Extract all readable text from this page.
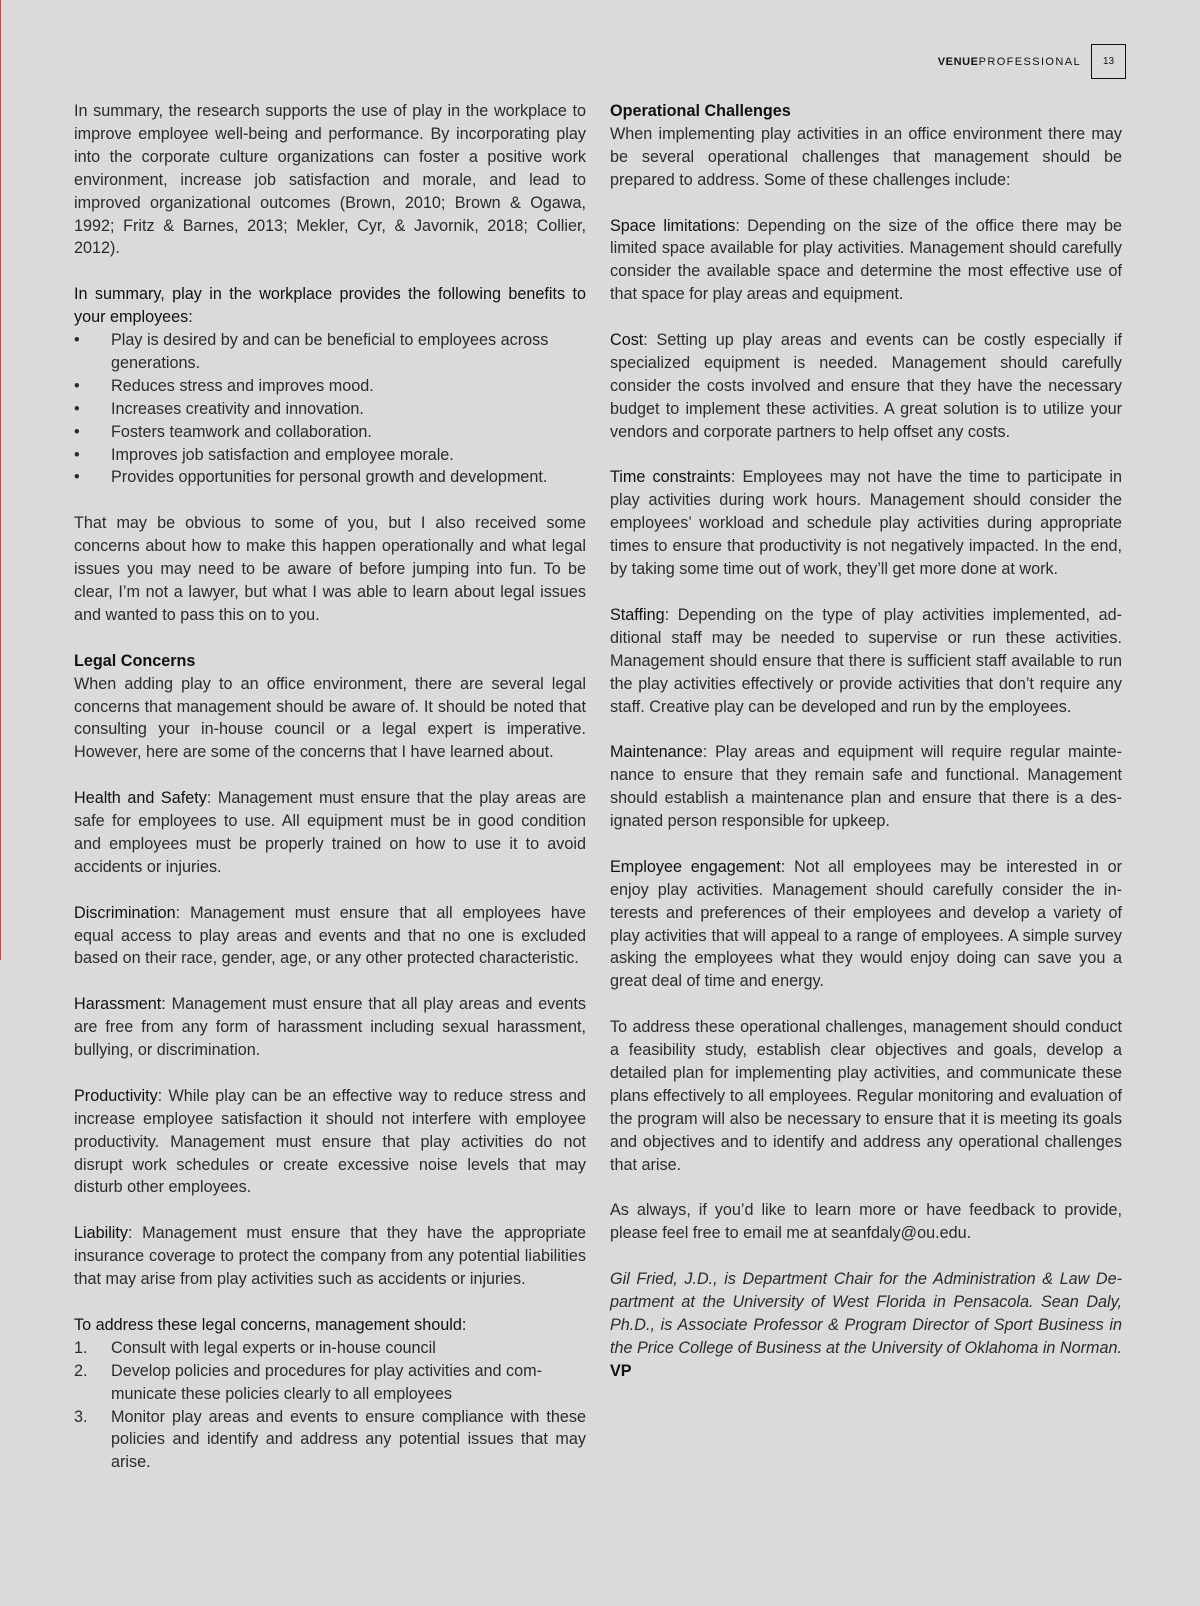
VENUEPROFESSIONAL	13

In summary, the research supports the use of play in the workplace to improve employee well-being and performance. By incorporating play into the corporate culture organizations can foster a positive work environment, increase job satisfaction and morale, and lead to improved organizational outcomes (Brown, 2010; Brown & Ogawa, 1992; Fritz & Barnes, 2013; Mekler, Cyr, & Javornik, 2018; Collier, 2012).

In summary, play in the workplace provides the following benefits to your employees:
• Play is desired by and can be beneficial to employees across generations.
• Reduces stress and improves mood.
• Increases creativity and innovation.
• Fosters teamwork and collaboration.
• Improves job satisfaction and employee morale.
• Provides opportunities for personal growth and development.

That may be obvious to some of you, but I also received some concerns about how to make this happen operationally and what legal issues you may need to be aware of before jumping into fun. To be clear, I’m not a lawyer, but what I was able to learn about legal issues and wanted to pass this on to you.

Legal Concerns
When adding play to an office environment, there are several legal concerns that management should be aware of. It should be noted that consulting your in-house council or a legal expert is imperative. However, here are some of the concerns that I have learned about.

Health and Safety: Management must ensure that the play areas are safe for employees to use. All equipment must be in good condition and employees must be properly trained on how to use it to avoid accidents or injuries.

Discrimination: Management must ensure that all employees have equal access to play areas and events and that no one is excluded based on their race, gender, age, or any other protected characteristic.

Harassment: Management must ensure that all play areas and events are free from any form of harassment including sexual harassment, bullying, or discrimination.

Productivity: While play can be an effective way to reduce stress and increase employee satisfaction it should not interfere with employee productivity. Management must ensure that play activities do not disrupt work schedules or create excessive noise levels that may disturb other employees.

Liability: Management must ensure that they have the appropriate insurance coverage to protect the company from any potential liabilities that may arise from play activities such as accidents or injuries.

To address these legal concerns, management should:
1. Consult with legal experts or in-house council
2. Develop policies and procedures for play activities and communicate these policies clearly to all employees
3. Monitor play areas and events to ensure compliance with these policies and identify and address any potential issues that may arise.

Operational Challenges
When implementing play activities in an office environment there may be several operational challenges that management should be prepared to address. Some of these challenges include:

Space limitations: Depending on the size of the office there may be limited space available for play activities. Management should carefully consider the available space and determine the most effective use of that space for play areas and equipment.

Cost: Setting up play areas and events can be costly especially if specialized equipment is needed. Management should carefully consider the costs involved and ensure that they have the necessary budget to implement these activities. A great solution is to utilize your vendors and corporate partners to help offset any costs.

Time constraints: Employees may not have the time to participate in play activities during work hours. Management should consider the employees’ workload and schedule play activities during appropriate times to ensure that productivity is not negatively impacted. In the end, by taking some time out of work, they’ll get more done at work.

Staffing: Depending on the type of play activities implemented, additional staff may be needed to supervise or run these activities. Management should ensure that there is sufficient staff available to run the play activities effectively or provide activities that don’t require any staff. Creative play can be developed and run by the employees.

Maintenance: Play areas and equipment will require regular maintenance to ensure that they remain safe and functional. Management should establish a maintenance plan and ensure that there is a designated person responsible for upkeep.

Employee engagement: Not all employees may be interested in or enjoy play activities. Management should carefully consider the interests and preferences of their employees and develop a variety of play activities that will appeal to a range of employees. A simple survey asking the employees what they would enjoy doing can save you a great deal of time and energy.

To address these operational challenges, management should conduct a feasibility study, establish clear objectives and goals, develop a detailed plan for implementing play activities, and communicate these plans effectively to all employees. Regular monitoring and evaluation of the program will also be necessary to ensure that it is meeting its goals and objectives and to identify and address any operational challenges that arise.

As always, if you’d like to learn more or have feedback to provide, please feel free to email me at seanfdaly@ou.edu.

Gil Fried, J.D., is Department Chair for the Administration & Law Department at the University of West Florida in Pensacola. Sean Daly, Ph.D., is Associate Professor & Program Director of Sport Business in the Price College of Business at the University of Oklahoma in Norman. VP
